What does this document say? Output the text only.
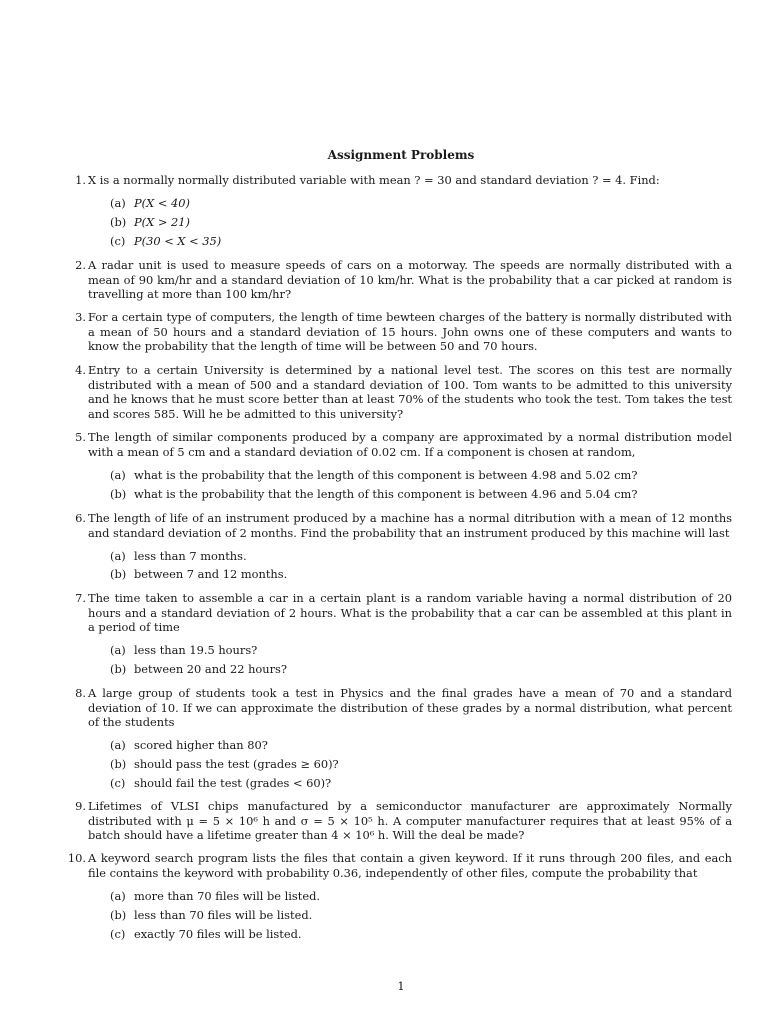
Assignment Problems
1. X is a normally normally distributed variable with mean ? = 30 and standard deviation ? = 4. Find:
(a) P(X < 40)
(b) P(X > 21)
(c) P(30 < X < 35)
2. A radar unit is used to measure speeds of cars on a motorway. The speeds are normally distributed with a mean of 90 km/hr and a standard deviation of 10 km/hr. What is the probability that a car picked at random is travelling at more than 100 km/hr?
3. For a certain type of computers, the length of time bewteen charges of the battery is normally distributed with a mean of 50 hours and a standard deviation of 15 hours. John owns one of these computers and wants to know the probability that the length of time will be between 50 and 70 hours.
4. Entry to a certain University is determined by a national level test. The scores on this test are normally distributed with a mean of 500 and a standard deviation of 100. Tom wants to be admitted to this university and he knows that he must score better than at least 70% of the students who took the test. Tom takes the test and scores 585. Will he be admitted to this university?
5. The length of similar components produced by a company are approximated by a normal distribution model with a mean of 5 cm and a standard deviation of 0.02 cm. If a component is chosen at random,
(a) what is the probability that the length of this component is between 4.98 and 5.02 cm?
(b) what is the probability that the length of this component is between 4.96 and 5.04 cm?
6. The length of life of an instrument produced by a machine has a normal ditribution with a mean of 12 months and standard deviation of 2 months. Find the probability that an instrument produced by this machine will last
(a) less than 7 months.
(b) between 7 and 12 months.
7. The time taken to assemble a car in a certain plant is a random variable having a normal distribution of 20 hours and a standard deviation of 2 hours. What is the probability that a car can be assembled at this plant in a period of time
(a) less than 19.5 hours?
(b) between 20 and 22 hours?
8. A large group of students took a test in Physics and the final grades have a mean of 70 and a standard deviation of 10. If we can approximate the distribution of these grades by a normal distribution, what percent of the students
(a) scored higher than 80?
(b) should pass the test (grades ≥ 60)?
(c) should fail the test (grades < 60)?
9. Lifetimes of VLSI chips manufactured by a semiconductor manufacturer are approximately Normally distributed with μ = 5 × 10⁶ h and σ = 5 × 10⁵ h. A computer manufacturer requires that at least 95% of a batch should have a lifetime greater than 4 × 10⁶ h. Will the deal be made?
10. A keyword search program lists the files that contain a given keyword. If it runs through 200 files, and each file contains the keyword with probability 0.36, independently of other files, compute the probability that
(a) more than 70 files will be listed.
(b) less than 70 files will be listed.
(c) exactly 70 files will be listed.
1
